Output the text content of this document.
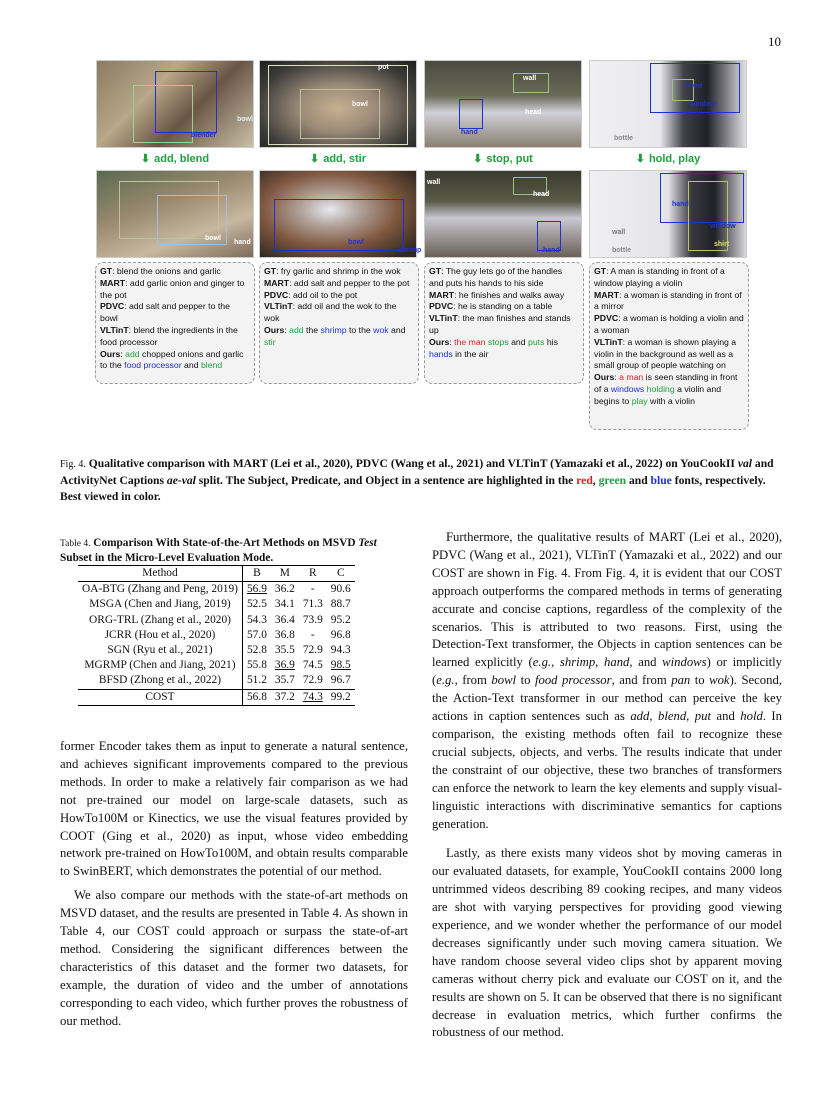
10
blender
bowl
⬇ add, blend
bowl
hand
pot
bowl
⬇ add, stir
bowl
shrimp
wall
head
hand
⬇ stop, put
wall
head
hand
head
window
bottle
⬇ hold, play
hand
window
wall
shirt
bottle
GT: blend the onions and garlic
MART: add garlic onion and ginger to the pot
PDVC: add salt and pepper to the bowl
VLTinT: blend the ingredients in the food processor
Ours: add chopped onions and garlic to the food processor and blend
GT: fry garlic and shrimp in the wok
MART: add salt and pepper to the pot
PDVC: add oil to the pot
VLTinT: add oil and the wok to the wok
Ours: add the shrimp to the wok and stir
GT: The guy lets go of the handles and puts his hands to his side
MART: he finishes and walks away
PDVC: he is standing on a table
VLTinT: the man finishes and stands up
Ours: the man stops and puts his hands in the air
GT: A man is standing in front of a window playing a violin
MART: a woman is standing in front of a mirror
PDVC: a woman is holding a violin and a woman
VLTinT: a woman is shown playing a violin in the background as well as a small group of people watching on
Ours: a man is seen standing in front of a windows holding a violin and begins to play with a violin
Fig. 4. Qualitative comparison with MART (Lei et al., 2020), PDVC (Wang et al., 2021) and VLTinT (Yamazaki et al., 2022) on YouCookII val and ActivityNet Captions ae-val split. The Subject, Predicate, and Object in a sentence are highlighted in the red, green and blue fonts, respectively. Best viewed in color.
Table 4. Comparison With State-of-the-Art Methods on MSVD Test Subset in the Micro-Level Evaluation Mode.
Method	B	M	R	C
OA-BTG (Zhang and Peng, 2019)	56.9	36.2	-	90.6
MSGA (Chen and Jiang, 2019)	52.5	34.1	71.3	88.7
ORG-TRL (Zhang et al., 2020)	54.3	36.4	73.9	95.2
JCRR (Hou et al., 2020)	57.0	36.8	-	96.8
SGN (Ryu et al., 2021)	52.8	35.5	72.9	94.3
MGRMP (Chen and Jiang, 2021)	55.8	36.9	74.5	98.5
BFSD (Zhong et al., 2022)	51.2	35.7	72.9	96.7
COST	56.8	37.2	74.3	99.2

former Encoder takes them as input to generate a natural sentence, and achieves significant improvements compared to the previous methods. In order to make a relatively fair comparison as we had not pre-trained our model on large-scale datasets, such as HowTo100M or Kinectics, we use the visual features provided by COOT (Ging et al., 2020) as input, whose video embedding network pre-trained on HowTo100M, and obtain results comparable to SwinBERT, which demonstrates the potential of our method.

We also compare our methods with the state-of-art methods on MSVD dataset, and the results are presented in Table 4. As shown in Table 4, our COST could approach or surpass the state-of-art method. Considering the significant differences between the characteristics of this dataset and the former two datasets, for example, the duration of video and the umber of annotations corresponding to each video, which further proves the robustness of our method.

Furthermore, the qualitative results of MART (Lei et al., 2020), PDVC (Wang et al., 2021), VLTinT (Yamazaki et al., 2022) and our COST are shown in Fig. 4. From Fig. 4, it is evident that our COST approach outperforms the compared methods in terms of generating accurate and concise captions, regardless of the complexity of the scenarios. This is attributed to two reasons. First, using the Detection-Text transformer, the Objects in caption sentences can be learned explicitly (e.g., shrimp, hand, and windows) or implicitly (e.g., from bowl to food processor, and from pan to wok). Second, the Action-Text transformer in our method can perceive the key actions in caption sentences such as add, blend, put and hold. In comparison, the existing methods often fail to recognize these crucial subjects, objects, and verbs. The results indicate that under the constraint of our objective, these two branches of transformers can enforce the network to learn the key elements and supply visual-linguistic interactions with discriminative semantics for captions generation.

Lastly, as there exists many videos shot by moving cameras in our evaluated datasets, for example, YouCookII contains 2000 long untrimmed videos describing 89 cooking recipes, and many videos are shot with varying perspectives for providing good viewing experience, and we wonder whether the performance of our model decreases significantly under such moving camera situation. We have random choose several video clips shot by apparent moving cameras without cherry pick and evaluate our COST on it, and the results are shown on 5. It can be observed that there is no significant decrease in evaluation metrics, which further confirms the robustness of our method.
